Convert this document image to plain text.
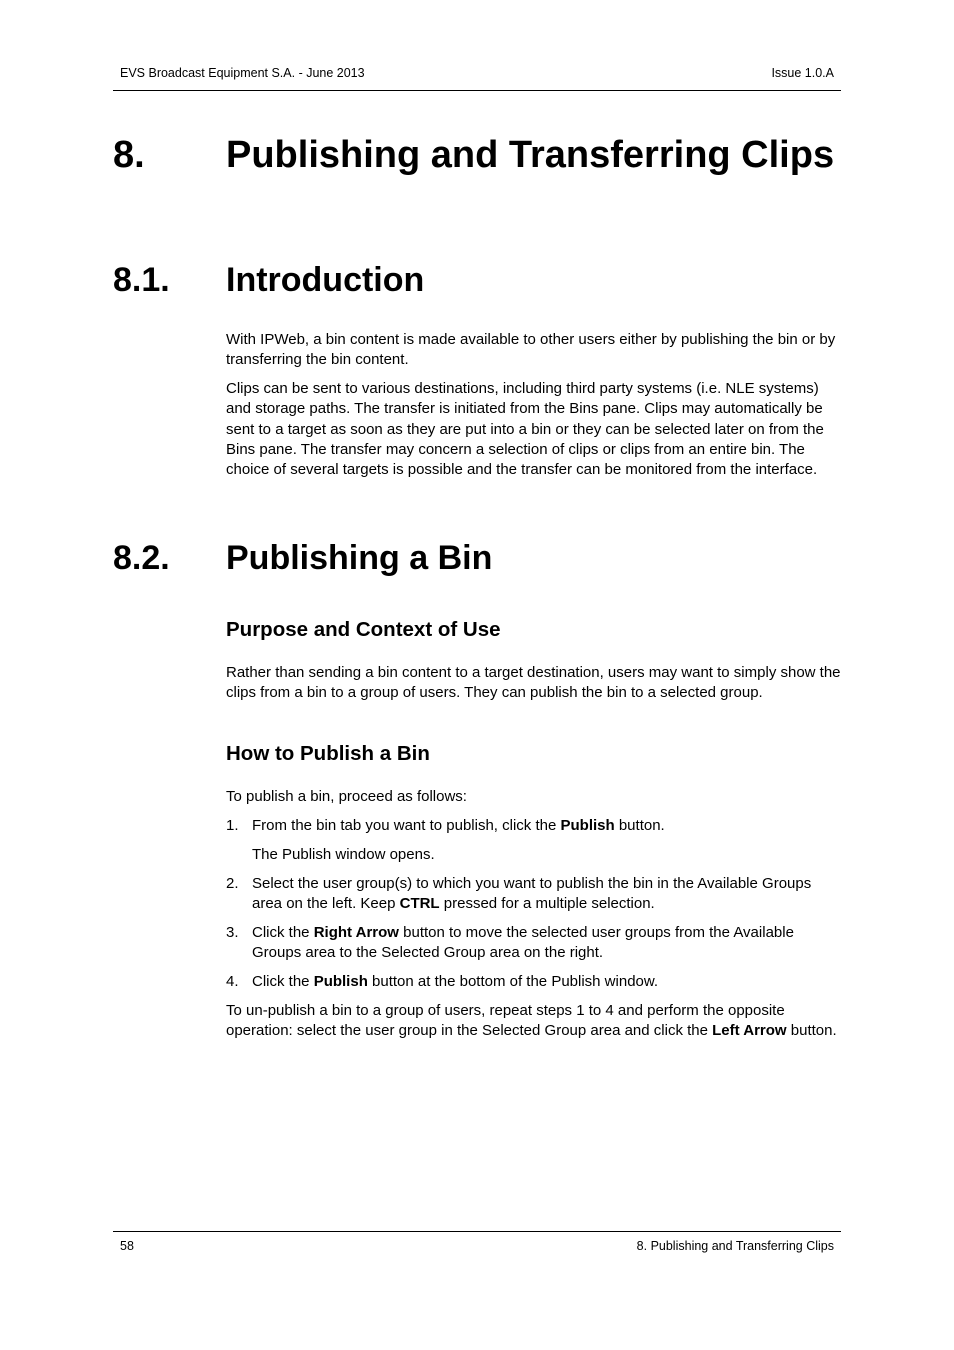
EVS Broadcast Equipment S.A. - June 2013	Issue 1.0.A
8. Publishing and Transferring Clips
8.1. Introduction
With IPWeb, a bin content is made available to other users either by publishing the bin or by transferring the bin content.
Clips can be sent to various destinations, including third party systems (i.e. NLE systems) and storage paths. The transfer is initiated from the Bins pane. Clips may automatically be sent to a target as soon as they are put into a bin or they can be selected later on from the Bins pane. The transfer may concern a selection of clips or clips from an entire bin. The choice of several targets is possible and the transfer can be monitored from the interface.
8.2. Publishing a Bin
Purpose and Context of Use
Rather than sending a bin content to a target destination, users may want to simply show the clips from a bin to a group of users. They can publish the bin to a selected group.
How to Publish a Bin
To publish a bin, proceed as follows:
1. From the bin tab you want to publish, click the Publish button.
The Publish window opens.
2. Select the user group(s) to which you want to publish the bin in the Available Groups area on the left. Keep CTRL pressed for a multiple selection.
3. Click the Right Arrow button to move the selected user groups from the Available Groups area to the Selected Group area on the right.
4. Click the Publish button at the bottom of the Publish window.
To un-publish a bin to a group of users, repeat steps 1 to 4 and perform the opposite operation: select the user group in the Selected Group area and click the Left Arrow button.
58	8. Publishing and Transferring Clips
